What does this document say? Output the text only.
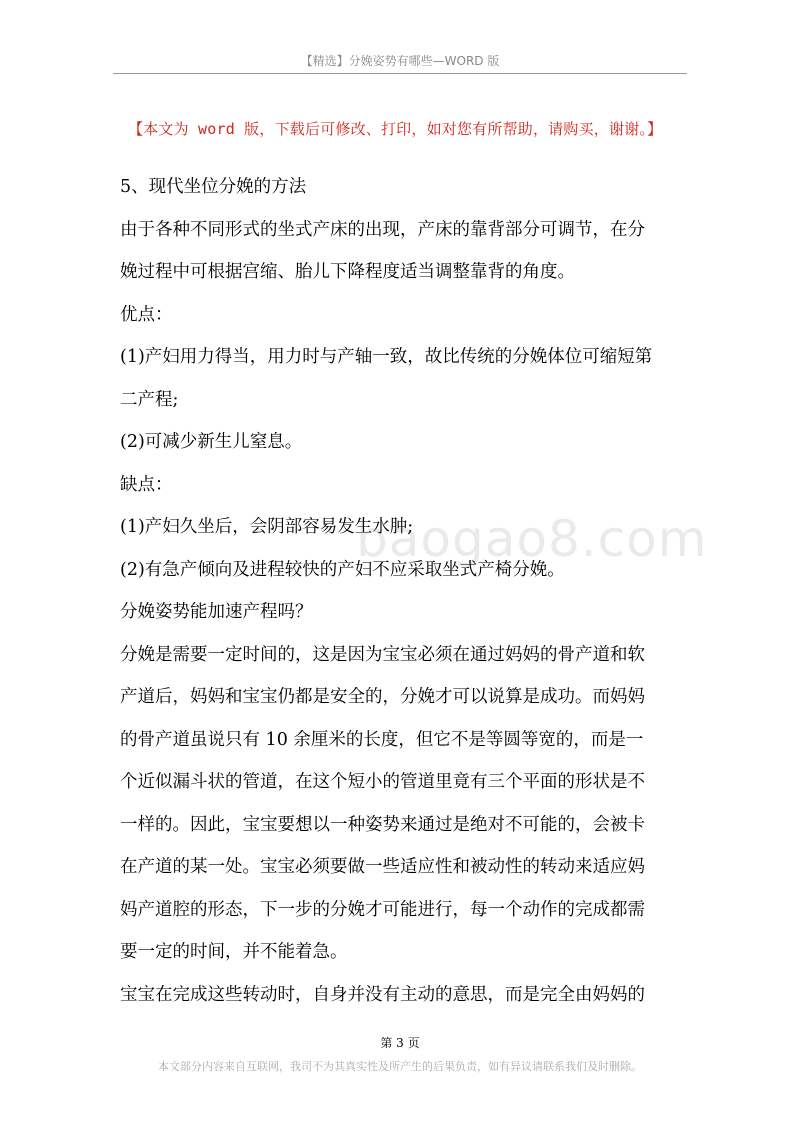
【精选】分娩姿势有哪些—WORD 版
【本文为 word 版，下载后可修改、打印，如对您有所帮助，请购买，谢谢。】
baogao8.com
5、现代坐位分娩的方法
由于各种不同形式的坐式产床的出现，产床的靠背部分可调节，在分
娩过程中可根据宫缩、胎儿下降程度适当调整靠背的角度。
优点：
(1)产妇用力得当，用力时与产轴一致，故比传统的分娩体位可缩短第
二产程;
(2)可减少新生儿窒息。
缺点：
(1)产妇久坐后，会阴部容易发生水肿;
(2)有急产倾向及进程较快的产妇不应采取坐式产椅分娩。
分娩姿势能加速产程吗？
分娩是需要一定时间的，这是因为宝宝必须在通过妈妈的骨产道和软
产道后，妈妈和宝宝仍都是安全的，分娩才可以说算是成功。而妈妈
的骨产道虽说只有 10 余厘米的长度，但它不是等圆等宽的，而是一
个近似漏斗状的管道，在这个短小的管道里竟有三个平面的形状是不
一样的。因此，宝宝要想以一种姿势来通过是绝对不可能的，会被卡
在产道的某一处。宝宝必须要做一些适应性和被动性的转动来适应妈
妈产道腔的形态，下一步的分娩才可能进行，每一个动作的完成都需
要一定的时间，并不能着急。
宝宝在完成这些转动时，自身并没有主动的意思，而是完全由妈妈的
第 3 页
本文部分内容来自互联网，我司不为其真实性及所产生的后果负责，如有异议请联系我们及时删除。
